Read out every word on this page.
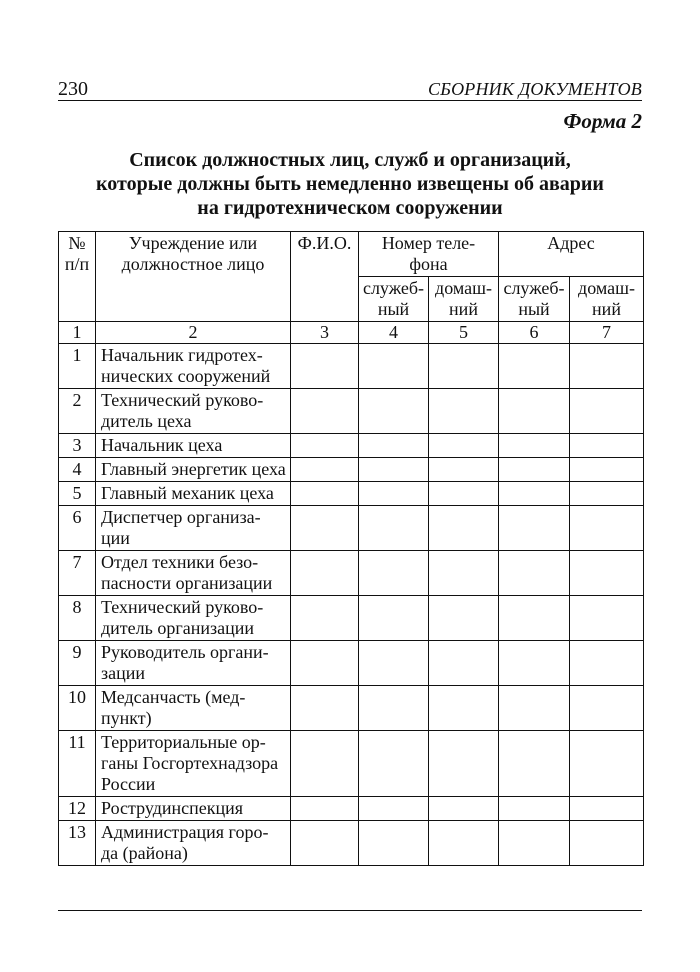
230	СБОРНИК ДОКУМЕНТОВ
Форма 2
Список должностных лиц, служб и организаций,
которые должны быть немедленно извещены об аварии
на гидротехническом сооружении
№ п/п	Учреждение или должностное лицо	Ф.И.О.	Номер теле- фона		Адрес	
			служеб- ный	домаш- ний	служеб- ный	домаш- ний
1	2	3	4	5	6	7
1	Начальник гидротех- нических сооружений					
2	Технический руково- дитель цеха					
3	Начальник цеха					
4	Главный энергетик цеха					
5	Главный механик цеха					
6	Диспетчер организа- ции					
7	Отдел техники безо- пасности организации					
8	Технический руково- дитель организации					
9	Руководитель органи- зации					
10	Медсанчасть (мед- пункт)					
11	Территориальные ор- ганы Госгортехнадзора России					
12	Рострудинспекция					
13	Администрация горо- да (района)					
